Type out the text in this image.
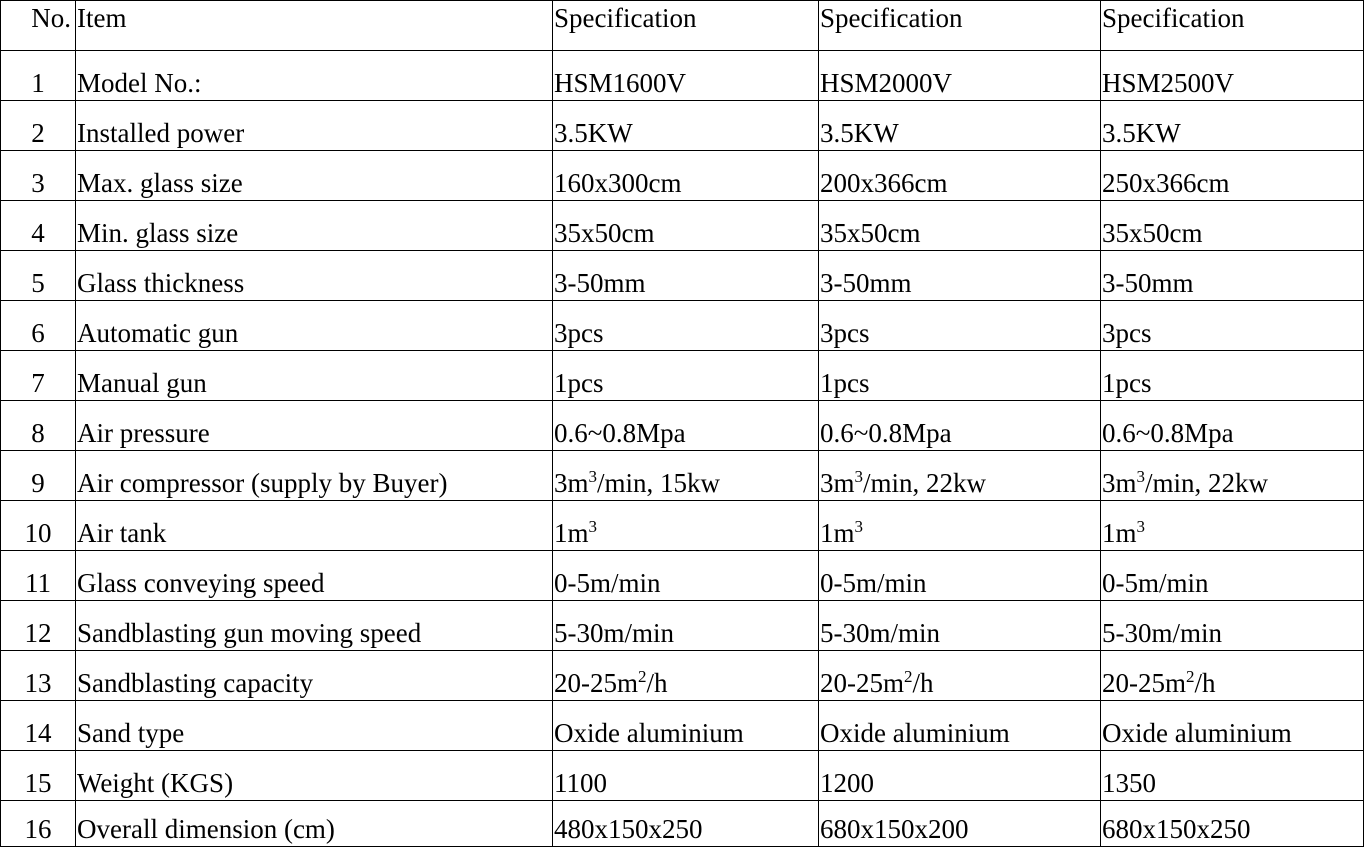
No.	Item	Specification	Specification	Specification
1	Model No.:	HSM1600V	HSM2000V	HSM2500V
2	Installed power	3.5KW	3.5KW	3.5KW
3	Max. glass size	160x300cm	200x366cm	250x366cm
4	Min. glass size	35x50cm	35x50cm	35x50cm
5	Glass thickness	3-50mm	3-50mm	3-50mm
6	Automatic gun	3pcs	3pcs	3pcs
7	Manual gun	1pcs	1pcs	1pcs
8	Air pressure	0.6~0.8Mpa	0.6~0.8Mpa	0.6~0.8Mpa
9	Air compressor (supply by Buyer)	$3m^3/\min$, 15kw	$3m^3/\min$, 22kw	$3m^3/\min$, 22kw
10	Air tank	$1m^3$	$1m^3$	$1m^3$
11	Glass conveying speed	0-5m/min	0-5m/min	0-5m/min
12	Sandblasting gun moving speed	5-30m/min	5-30m/min	5-30m/min
13	Sandblasting capacity	$20-25m^2/h$	$20-25m^2/h$	$20-25m^2/h$
14	Sand type	Oxide aluminium	Oxide aluminium	Oxide aluminium
15	Weight (KGS)	1100	1200	1350
16	Overall dimension (cm)	480x150x250	680x150x200	680x150x250
